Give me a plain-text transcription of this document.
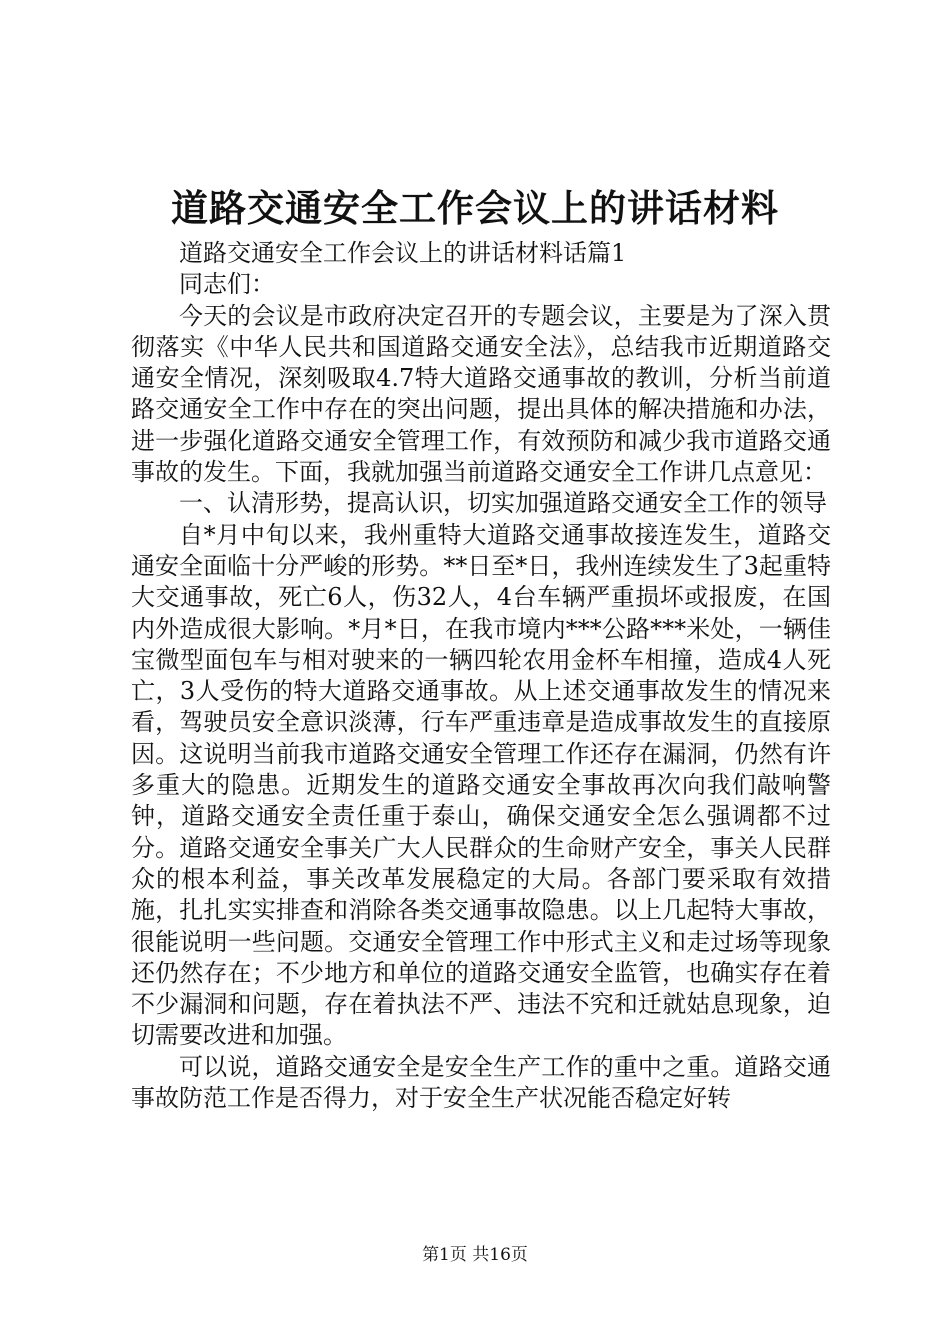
道路交通安全工作会议上的讲话材料

道路交通安全工作会议上的讲话材料话篇1

同志们：

今天的会议是市政府决定召开的专题会议，主要是为了深入贯彻落实《中华人民共和国道路交通安全法》，总结我市近期道路交通安全情况，深刻吸取4.7特大道路交通事故的教训，分析当前道路交通安全工作中存在的突出问题，提出具体的解决措施和办法，进一步强化道路交通安全管理工作，有效预防和减少我市道路交通事故的发生。下面，我就加强当前道路交通安全工作讲几点意见：

一、认清形势，提高认识，切实加强道路交通安全工作的领导

自*月中旬以来，我州重特大道路交通事故接连发生，道路交通安全面临十分严峻的形势。**日至*日，我州连续发生了3起重特大交通事故，死亡6人，伤32人，4台车辆严重损坏或报废，在国内外造成很大影响。*月*日，在我市境内***公路***米处，一辆佳宝微型面包车与相对驶来的一辆四轮农用金杯车相撞，造成4人死亡，3人受伤的特大道路交通事故。从上述交通事故发生的情况来看，驾驶员安全意识淡薄，行车严重违章是造成事故发生的直接原因。这说明当前我市道路交通安全管理工作还存在漏洞，仍然有许多重大的隐患。近期发生的道路交通安全事故再次向我们敲响警钟，道路交通安全责任重于泰山，确保交通安全怎么强调都不过分。道路交通安全事关广大人民群众的生命财产安全，事关人民群众的根本利益，事关改革发展稳定的大局。各部门要采取有效措施，扎扎实实排查和消除各类交通事故隐患。以上几起特大事故，很能说明一些问题。交通安全管理工作中形式主义和走过场等现象还仍然存在；不少地方和单位的道路交通安全监管，也确实存在着不少漏洞和问题，存在着执法不严、违法不究和迁就姑息现象，迫切需要改进和加强。

可以说，道路交通安全是安全生产工作的重中之重。道路交通事故防范工作是否得力，对于安全生产状况能否稳定好转

第1页 共16页
